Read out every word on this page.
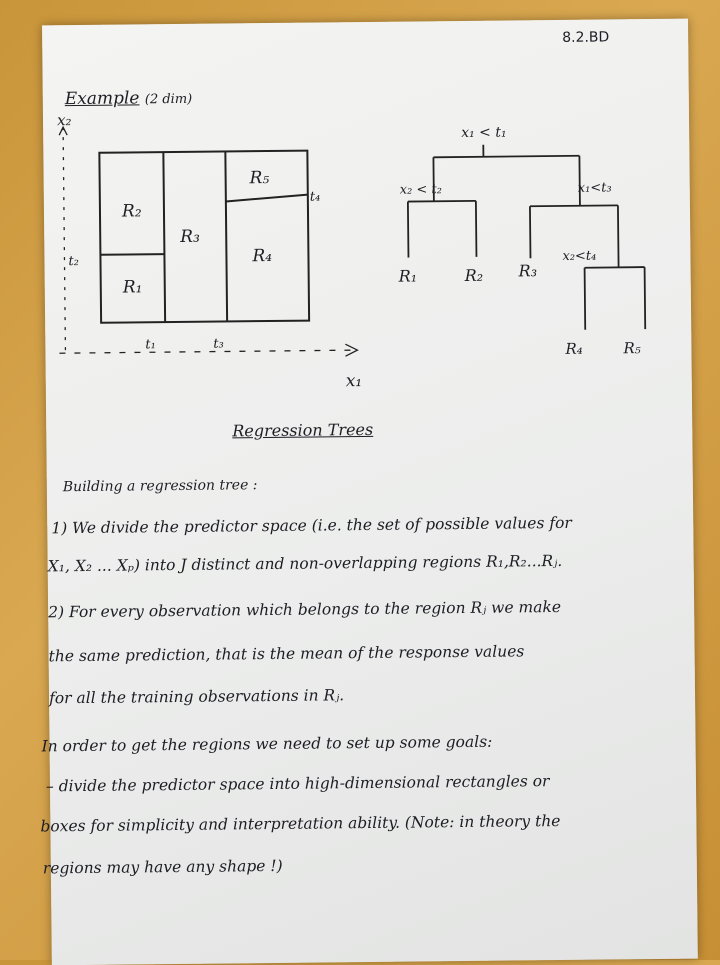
8.2.BD
Example (2 dim)
x₂
x₁
R₂
R₁
R₃
R₅
R₄
t₂
t₁	t₃
t₄
x₁ < t₁
x₂ < t₂	x₁<t₃
x₂<t₄
R₁	R₂ R₃
R₄	R₅
Regression Trees
Building a regression tree :
1) We divide the predictor space (i.e. the set of possible values for
X₁, X₂ ... Xₚ) into J distinct and non-overlapping regions R₁,R₂...Rⱼ.
2) For every observation which belongs to the region Rⱼ we make
the same prediction, that is the mean of the response values
for all the training observations in Rⱼ.
In order to get the regions we need to set up some goals:
– divide the predictor space into high-dimensional rectangles or
boxes for simplicity and interpretation ability. (Note: in theory the
regions may have any shape !)
